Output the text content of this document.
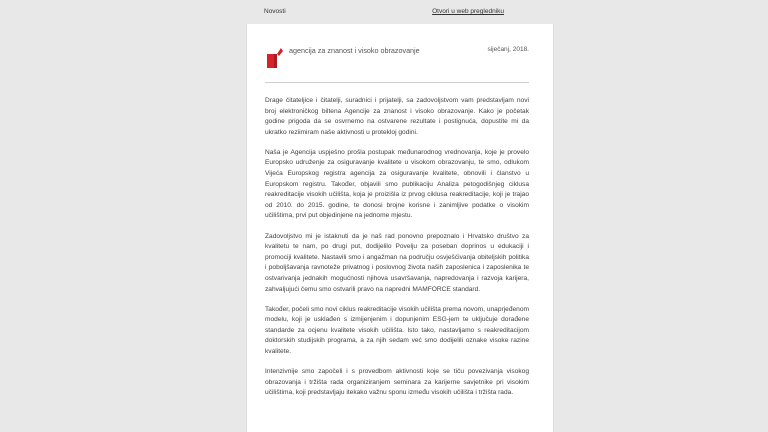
Novosti	Otvori u web pregledniku
agencija za znanost i visoko obrazovanje	siječanj, 2018.

Drage čitateljice i čitatelji, suradnici i prijatelji, sa zadovoljstvom vam predstavljam novi broj elektroničkog biltena Agencije za znanost i visoko obrazovanje. Kako je početak godine prigoda da se osvrnemo na ostvarene rezultate i postignuća, dopustite mi da ukratko reziimiram naše aktivnosti u protekloj godini.

Naša je Agencija uspješno prošla postupak međunarodnog vrednovanja, koje je provelo Europsko udruženje za osiguravanje kvalitete u visokom obrazovanju, te smo, odlukom Vijeća Europskog registra agencija za osiguravanje kvalitete, obnovili i članstvo u Europskom registru. Također, objavili smo publikaciju Analiza petogodišnjeg ciklusa reakreditacije visokih učilišta, koja je proizišla iz prvog ciklusa reakreditacije, koji je trajao od 2010. do 2015. godine, te donosi brojne korisne i zanimljive podatke o visokim učilištima, prvi put objedinjene na jednome mjestu.

Zadovoljstvo mi je istaknuti da je naš rad ponovno prepoznalo i Hrvatsko društvo za kvalitetu te nam, po drugi put, dodijelilo Povelju za poseban doprinos u edukaciji i promociji kvalitete. Nastavili smo i angažman na području osvješćivanja obiteljskih politika i poboljšavanja ravnoteže privatnog i poslovnog života naših zaposlenica i zaposlenika te ostvarivanja jednakih mogućnosti njihova usavršavanja, napredovanja i razvoja karijera, zahvaljujući čemu smo ostvarili pravo na napredni MAMFORCE standard.

Također, počeli smo novi ciklus reakreditacije visokih učilišta prema novom, unaprjeđenom modelu, koji je usklađen s izmijenjenim i dopunjenim ESG-jem te uključuje dorađene standarde za ocjenu kvalitete visokih učilišta. Isto tako, nastavljamo s reakreditacijom doktorskih studijskih programa, a za njih sedam već smo dodijelili oznake visoke razine kvalitete.

Intenzivnije smo započeli i s provedbom aktivnosti koje se tiču povezivanja visokog obrazovanja i tržišta rada organiziranjem seminara za karijerne savjetnike pri visokim učilištima, koji predstavljaju itekako važnu sponu između visokih učilišta i tržišta rada.
